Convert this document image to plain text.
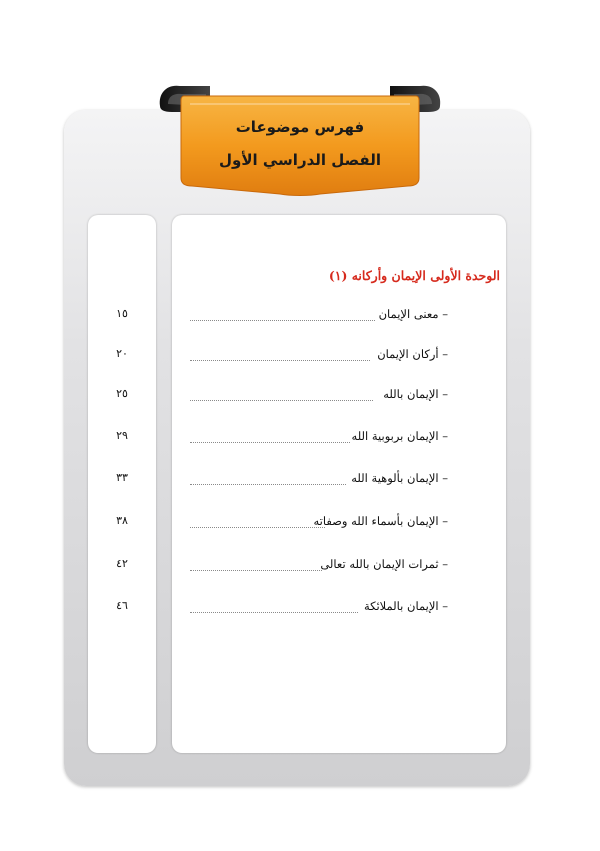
فهرس موضوعات
الفصل الدراسي الأول
الوحدة الأولى الإيمان وأركانه (١)
١٥	– معنى الإيمان
٢٠	– أركان الإيمان
٢٥	– الإيمان بالله
٢٩	– الإيمان بربوبية الله
٣٣	– الإيمان بألوهية الله
٣٨	– الإيمان بأسماء الله وصفاته
٤٢	– ثمرات الإيمان بالله تعالى
٤٦	– الإيمان بالملائكة
